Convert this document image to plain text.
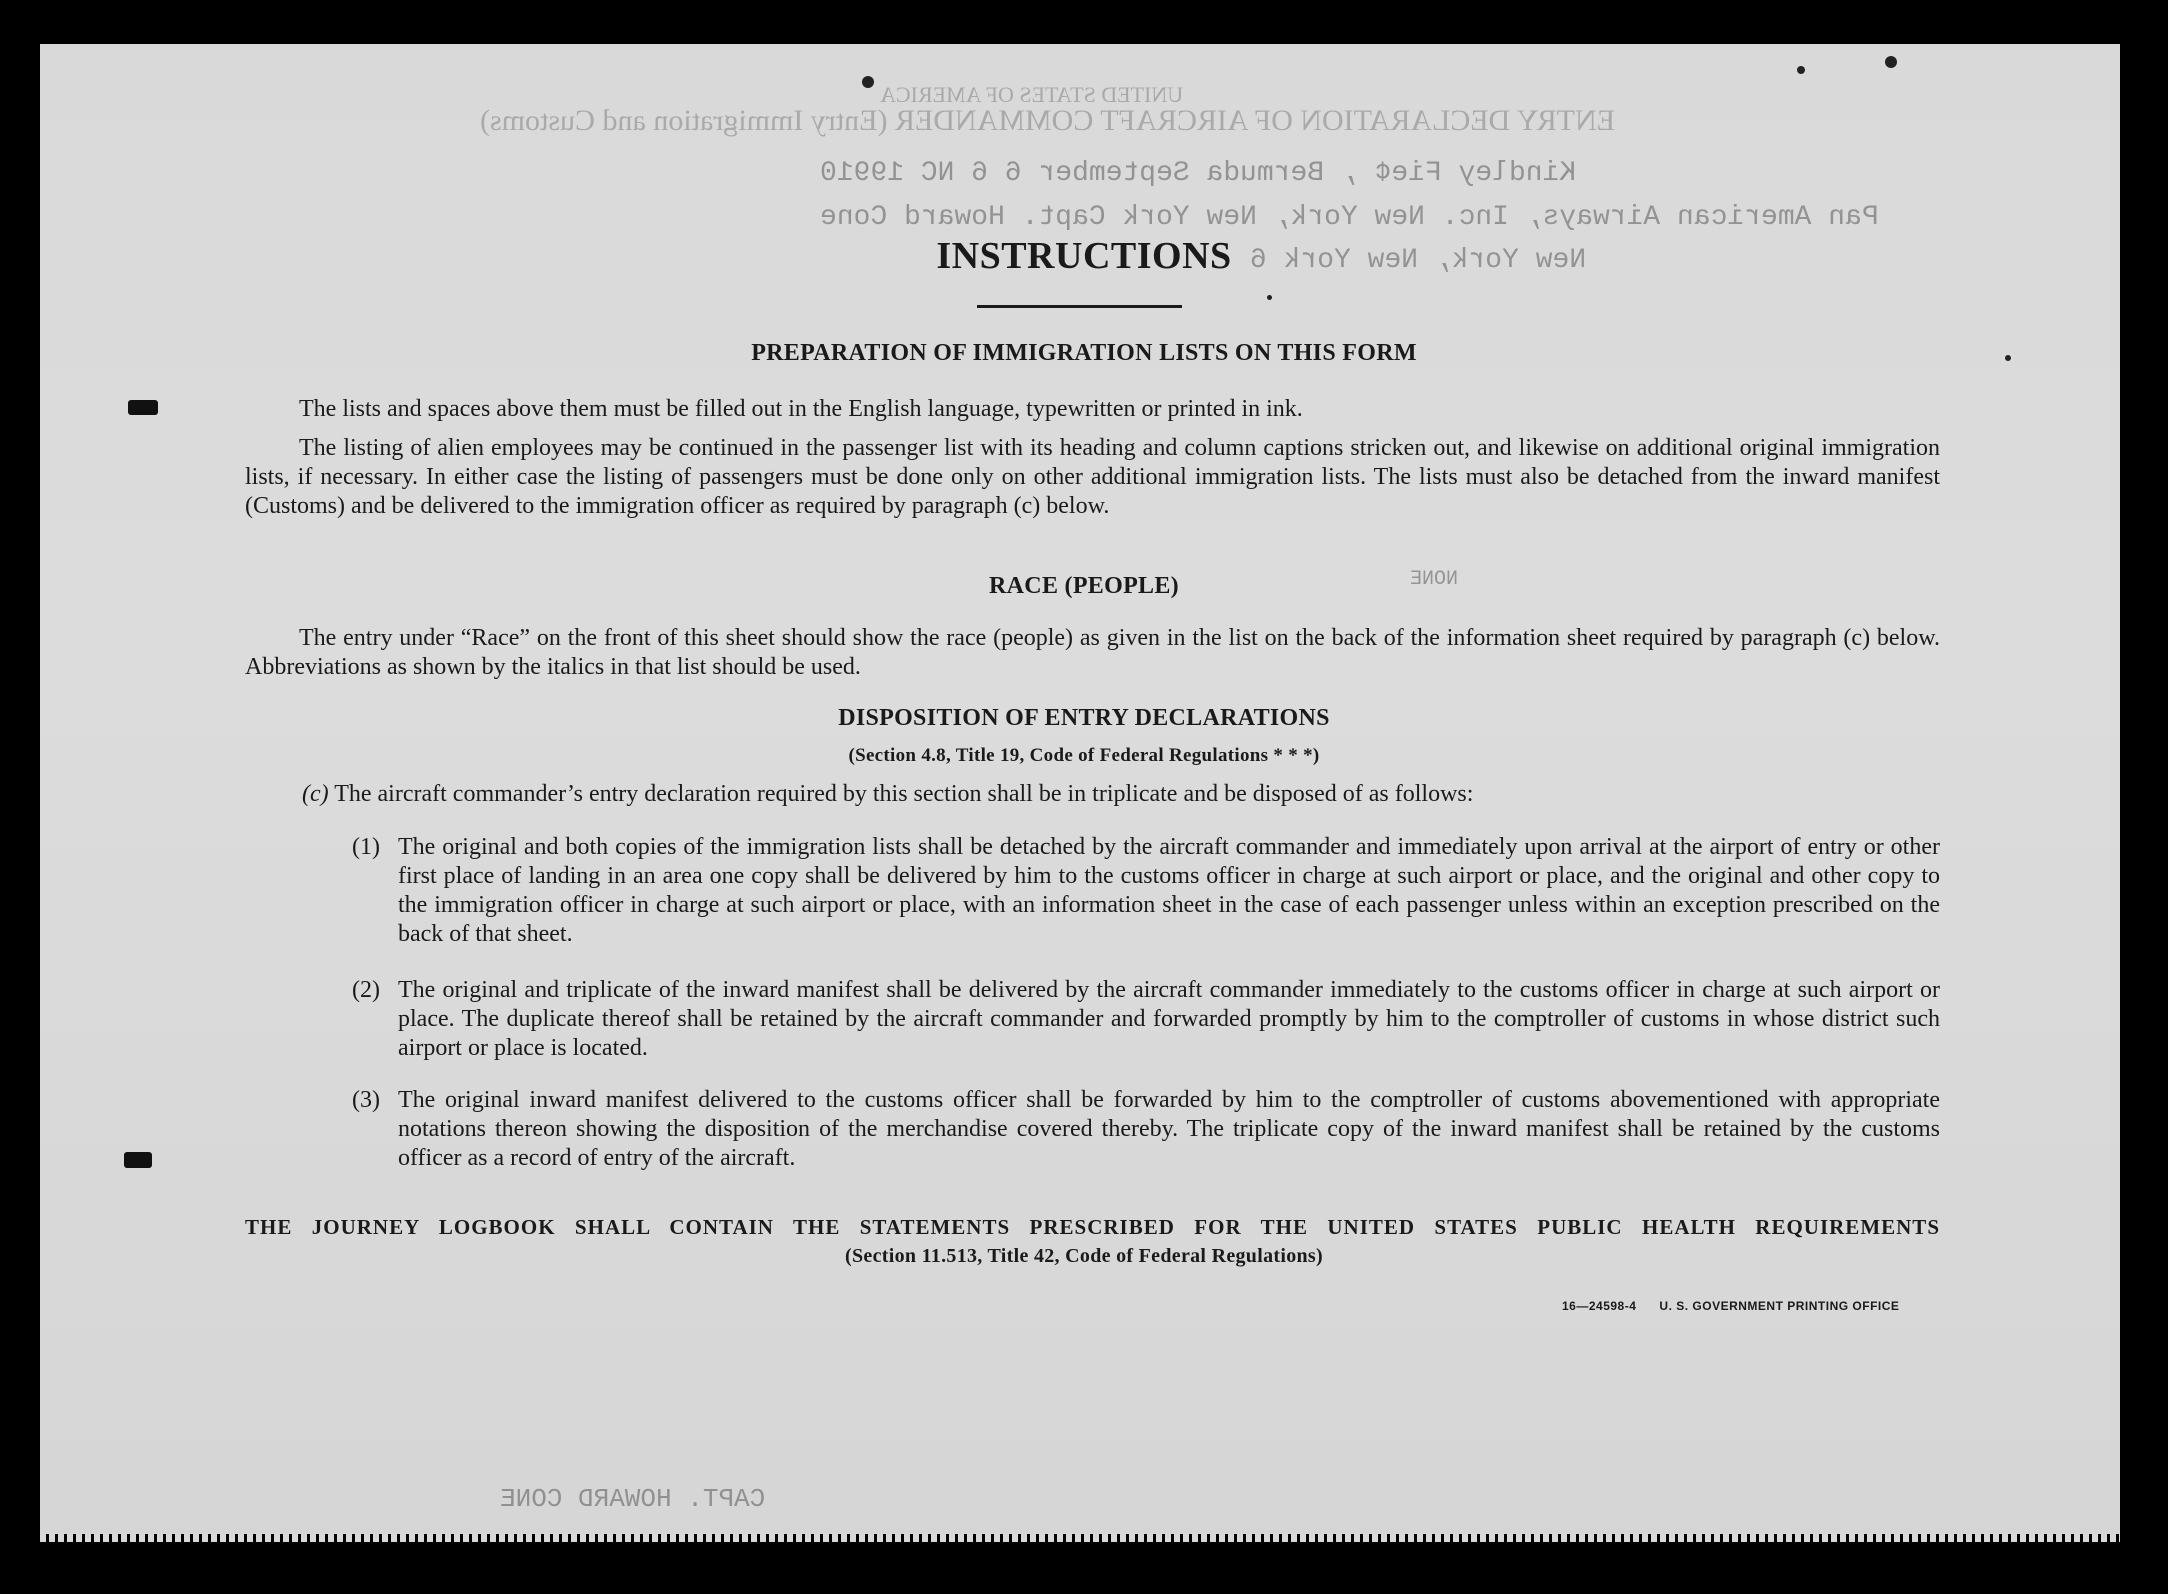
UNITED STATES OF AMERICA
ENTRY DECLARATION OF AIRCRAFT COMMANDER (Entry Immigration and Customs)
Kindley Fie¢ , Bermuda September 6 6 NC 19910
Pan American Airways, Inc. New York, New York Capt. Howard Cone
New York, New York 6
NONE
CAPT. HOWARD CONE
INSTRUCTIONS
PREPARATION OF IMMIGRATION LISTS ON THIS FORM
The lists and spaces above them must be filled out in the English language, typewritten or printed in ink.
The listing of alien employees may be continued in the passenger list with its heading and column captions stricken out, and likewise on additional original immigration lists, if necessary. In either case the listing of passengers must be done only on other additional immigration lists. The lists must also be detached from the inward manifest (Customs) and be delivered to the immigration officer as required by paragraph (c) below.
RACE (PEOPLE)
The entry under “Race” on the front of this sheet should show the race (people) as given in the list on the back of the information sheet required by paragraph (c) below. Abbreviations as shown by the italics in that list should be used.
DISPOSITION OF ENTRY DECLARATIONS
(Section 4.8, Title 19, Code of Federal Regulations * * *)
(c) The aircraft commander’s entry declaration required by this section shall be in triplicate and be disposed of as follows:
(1) The original and both copies of the immigration lists shall be detached by the aircraft commander and immediately upon arrival at the airport of entry or other first place of landing in an area one copy shall be delivered by him to the customs officer in charge at such airport or place, and the original and other copy to the immigration officer in charge at such airport or place, with an information sheet in the case of each passenger unless within an exception prescribed on the back of that sheet.
(2) The original and triplicate of the inward manifest shall be delivered by the aircraft commander immediately to the customs officer in charge at such airport or place. The duplicate thereof shall be retained by the aircraft commander and forwarded promptly by him to the comptroller of customs in whose district such airport or place is located.
(3) The original inward manifest delivered to the customs officer shall be forwarded by him to the comptroller of customs abovementioned with appropriate notations thereon showing the disposition of the merchandise covered thereby. The triplicate copy of the inward manifest shall be retained by the customs officer as a record of entry of the aircraft.
THE JOURNEY LOGBOOK SHALL CONTAIN THE STATEMENTS PRESCRIBED FOR THE UNITED STATES PUBLIC HEALTH REQUIREMENTS
(Section 11.513, Title 42, Code of Federal Regulations)
16—24598-4 U. S. GOVERNMENT PRINTING OFFICE
